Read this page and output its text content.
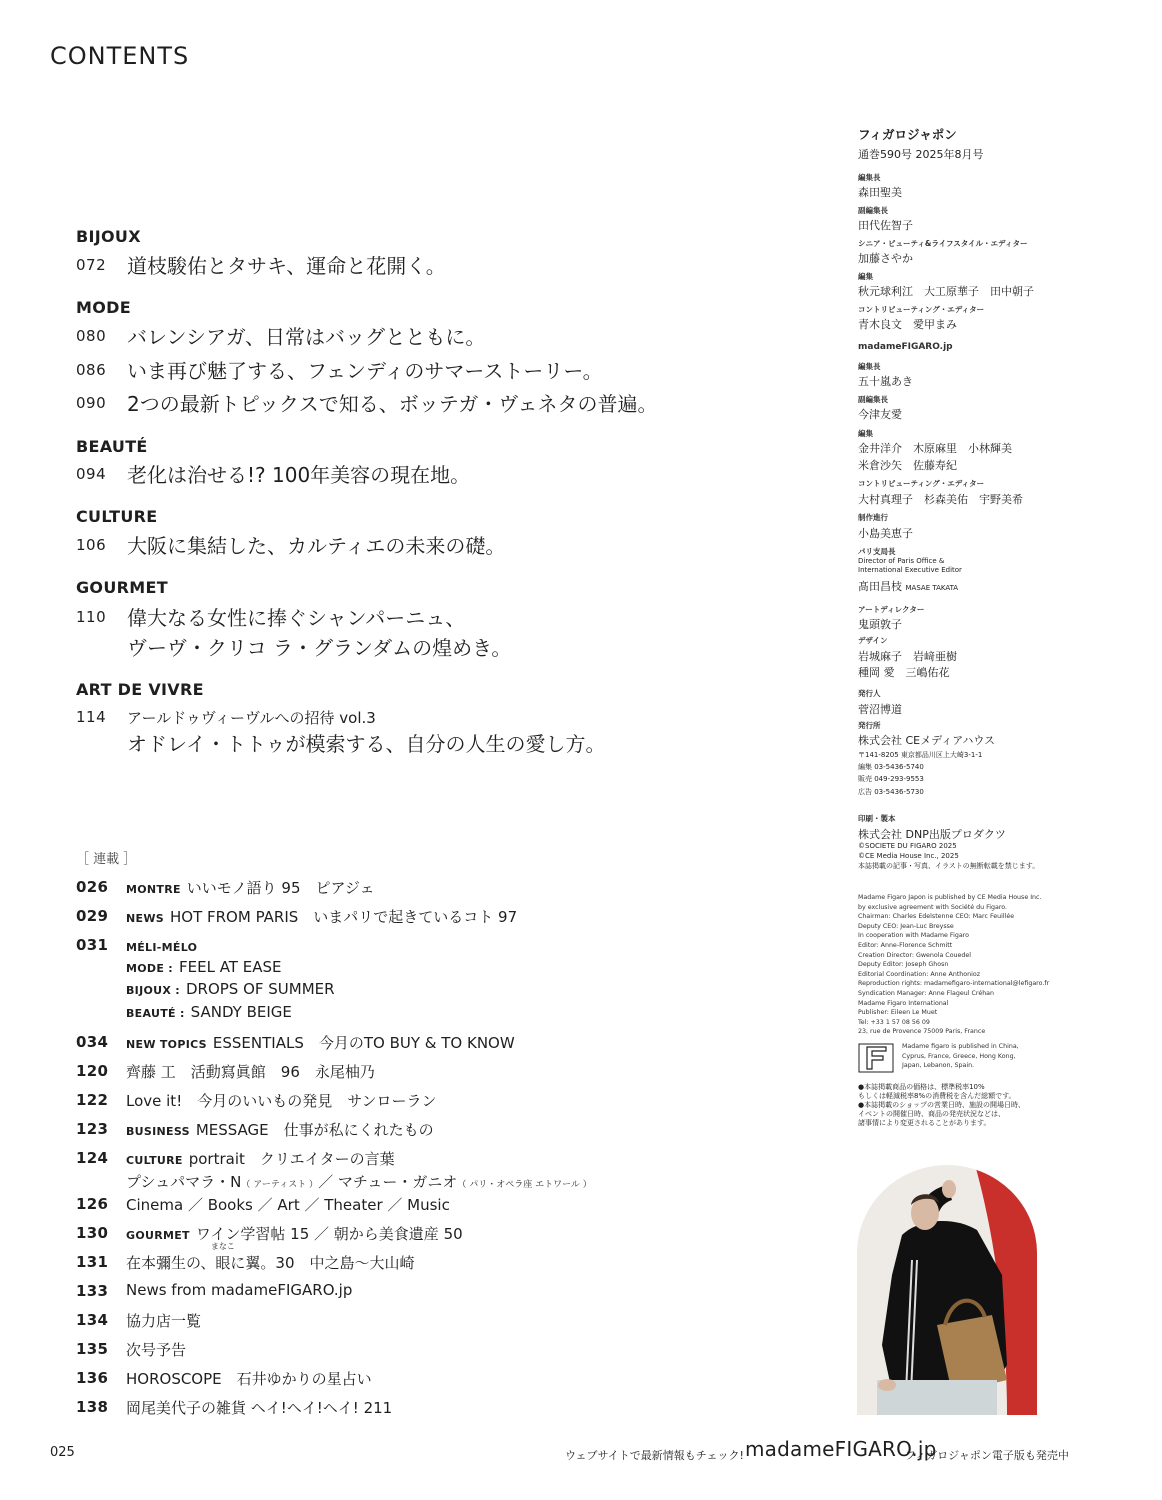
CONTENTS
BIJOUX
072 道枝駿佑とタサキ、運命と花開く。
MODE
080 バレンシアガ、日常はバッグとともに。
086 いま再び魅了する、フェンディのサマーストーリー。
090 2つの最新トピックスで知る、ボッテガ・ヴェネタの普遍。
BEAUTÉ
094 老化は治せる!? 100年美容の現在地。
CULTURE
106 大阪に集結した、カルティエの未来の礎。
GOURMET
110 偉大なる女性に捧ぐシャンパーニュ、
ヴーヴ・クリコ ラ・グランダムの煌めき。
ART DE VIVRE
114 アールドゥヴィーヴルへの招待 vol.3
オドレイ・トトゥが模索する、自分の人生の愛し方。
［ 連載 ］
026 MONTRE いいモノ語り 95　ピアジェ
029 NEWS HOT FROM PARIS　いまパリで起きているコト 97
031 MÉLI-MÉLO
MODE : FEEL AT EASE
BIJOUX : DROPS OF SUMMER
BEAUTÉ : SANDY BEIGE
034 NEW TOPICS ESSENTIALS　今月のTO BUY & TO KNOW
120 齊藤 工　活動寫眞館　96　永尾柚乃
122 Love it!　今月のいいもの発見　サンローラン
123 BUSINESS MESSAGE　仕事が私にくれたもの
124 CULTURE portrait　クリエイターの言葉
プシュパマラ・N（ アーティスト ）／ マチュー・ガニオ（ パリ・オペラ座 エトワール ）
126 Cinema ／ Books ／ Art ／ Theater ／ Music
130 GOURMET ワイン学習帖 15 ／ 朝から美食遺産 50
131 在本彌生の、
まなこ
眼に翼。30　中之島〜大山崎
133 News from madameFIGARO.jp
134 協力店一覧
135 次号予告
136 HOROSCOPE　石井ゆかりの星占い
138 岡尾美代子の雑貨 ヘイ!ヘイ!ヘイ! 211
フィガロジャポン
通巻590号 2025年8月号
編集長
森田聖美
副編集長
田代佐智子
シニア・ビューティ&ライフスタイル・エディター
加藤さやか
編集
秋元球利江　大工原華子　田中朝子
コントリビューティング・エディター
青木良文　愛甲まみ
madameFIGARO.jp
編集長
五十嵐あき
副編集長
今津友愛
編集
金井洋介　木原麻里　小林輝美
米倉沙矢　佐藤寿紀
コントリビューティング・エディター
大村真理子　杉森美佑　宇野美希
制作進行
小島美恵子
パリ支局長
Director of Paris Office &
International Executive Editor
髙田昌枝 MASAE TAKATA
アートディレクター
鬼頭敦子
デザイン
岩城麻子　岩﨑亜樹
種岡 愛　三嶋佑花
発行人
菅沼博道
発行所
株式会社 CEメディアハウス
〒141-8205 東京都品川区上大崎3-1-1
編集 03-5436-5740
販売 049-293-9553
広告 03-5436-5730
印刷・製本
株式会社 DNP出版プロダクツ
©SOCIETE DU FIGARO 2025
©CE Media House Inc., 2025
本誌掲載の記事・写真、イラストの無断転載を禁じます。
Madame Figaro Japon is published by CE Media House Inc.
by exclusive agreement with Société du Figaro.
Chairman: Charles Edelstenne CEO: Marc Feuillée
Deputy CEO: Jean-Luc Breysse
In cooperation with Madame Figaro
Editor: Anne-Florence Schmitt
Creation Director: Gwenola Couedel
Deputy Editor: Joseph Ghosn
Editorial Coordination: Anne Anthonioz
Reproduction rights: madamefigaro-international@lefigaro.fr
Syndication Manager: Anne Flageul Créhan
Madame Figaro International
Publisher: Eileen Le Muet
Tel: +33 1 57 08 56 09
23, rue de Provence 75009 Paris, France
Madame figaro is published in China,
Cyprus, France, Greece, Hong Kong,
Japan, Lebanon, Spain.
●本誌掲載商品の価格は、標準税率10%
もしくは軽減税率8%の消費税を含んだ総額です。
●本誌掲載のショップの営業日時、施設の開場日時、
イベントの開催日時、商品の発売状況などは、
諸事情により変更されることがあります。
025	ウェブサイトで最新情報もチェック! madameFIGARO.jp
フィガロジャポン電子版も発売中
